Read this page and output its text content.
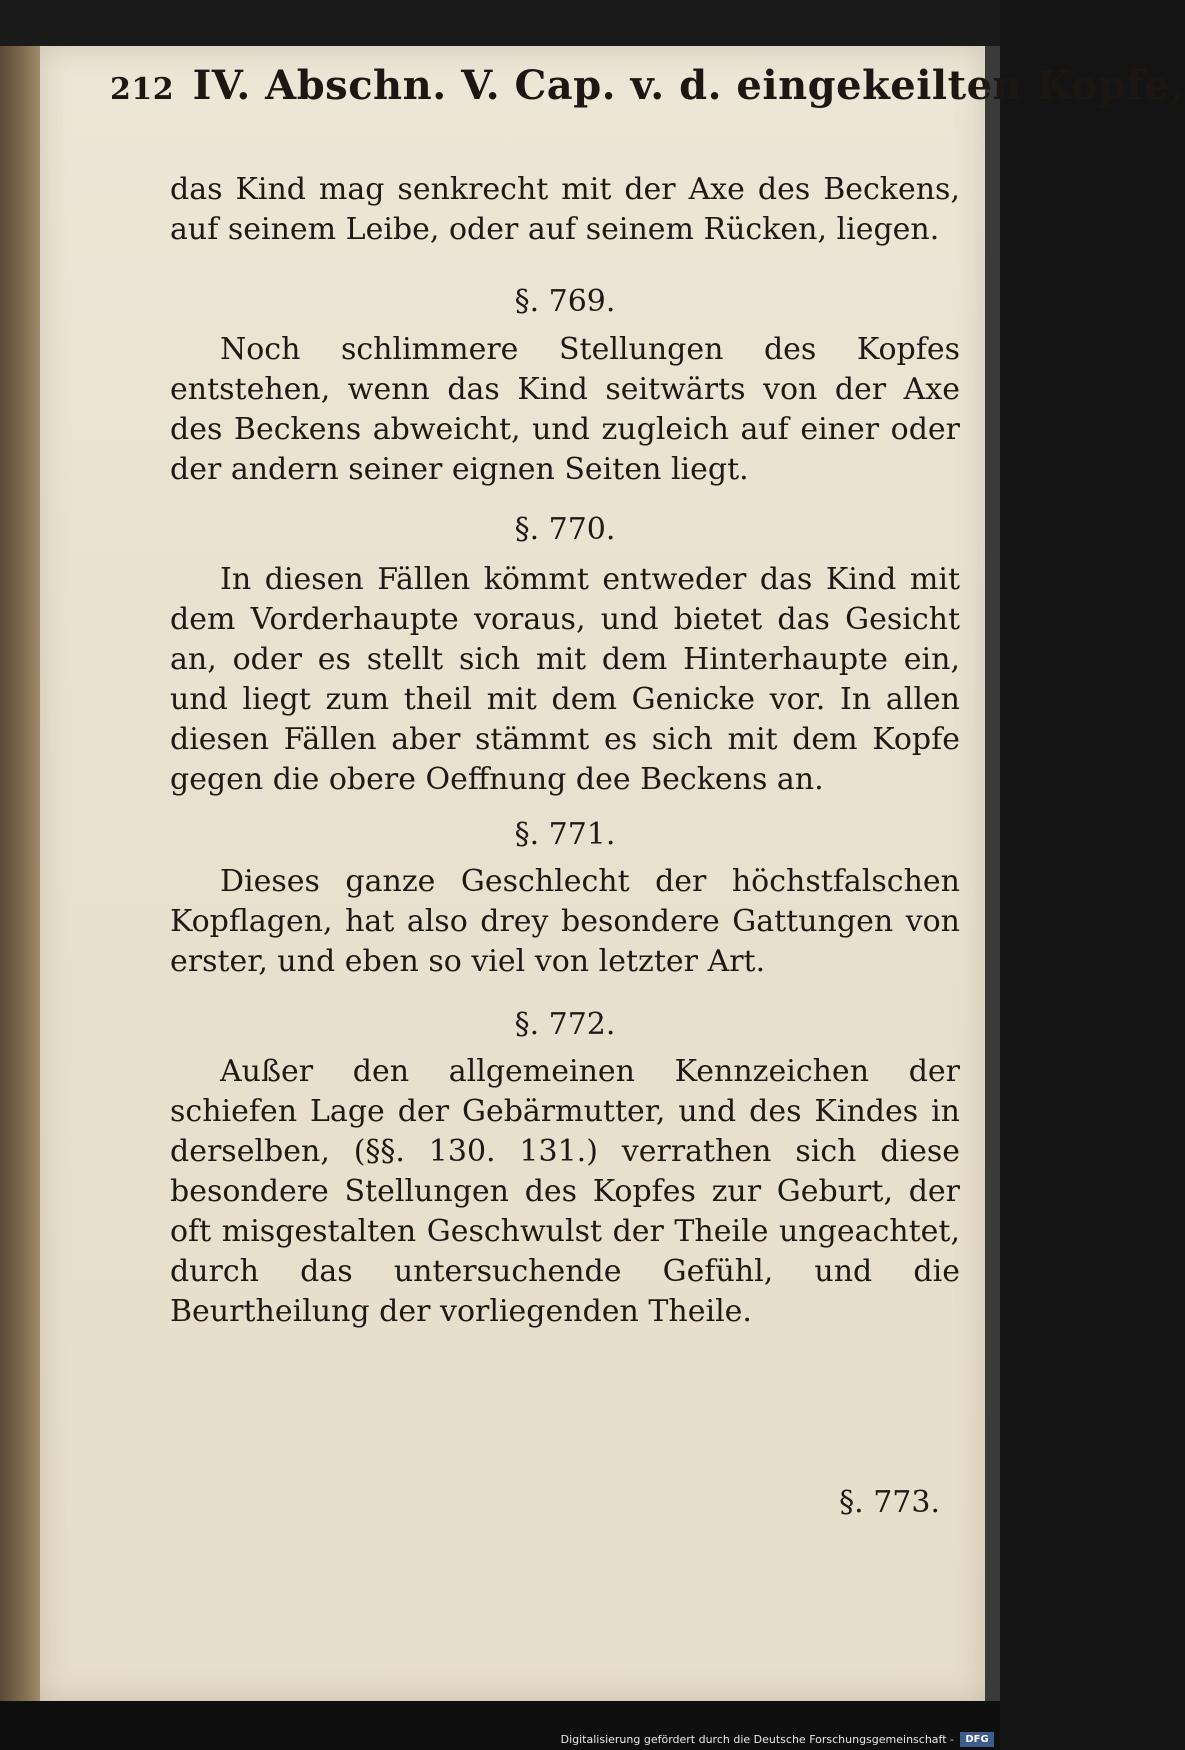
212 IV. Abschn. V. Cap. v. d. eingekeilten Kopfe,

das Kind mag senkrecht mit der Axe des Beckens, auf seinem Leibe, oder auf seinem Rücken, liegen.

§. 769.

Noch schlimmere Stellungen des Kopfes entstehen, wenn das Kind seitwärts von der Axe des Beckens abweicht, und zugleich auf einer oder der andern seiner eignen Seiten liegt.

§. 770.

In diesen Fällen kömmt entweder das Kind mit dem Vorderhaupte voraus, und bietet das Gesicht an, oder es stellt sich mit dem Hinterhaupte ein, und liegt zum theil mit dem Genicke vor. In allen diesen Fällen aber stämmt es sich mit dem Kopfe gegen die obere Oeffnung dee Beckens an.

§. 771.

Dieses ganze Geschlecht der höchstfalschen Kopflagen, hat also drey besondere Gattungen von erster, und eben so viel von letzter Art.

§. 772.

Außer den allgemeinen Kennzeichen der schiefen Lage der Gebärmutter, und des Kindes in derselben, (§§. 130. 131.) verrathen sich diese besondere Stellungen des Kopfes zur Geburt, der oft misgestalten Geschwulst der Theile ungeachtet, durch das untersuchende Gefühl, und die Beurtheilung der vorliegenden Theile.

§. 773.
Digitalisierung gefördert durch die Deutsche Forschungsgemeinschaft -	DFG
